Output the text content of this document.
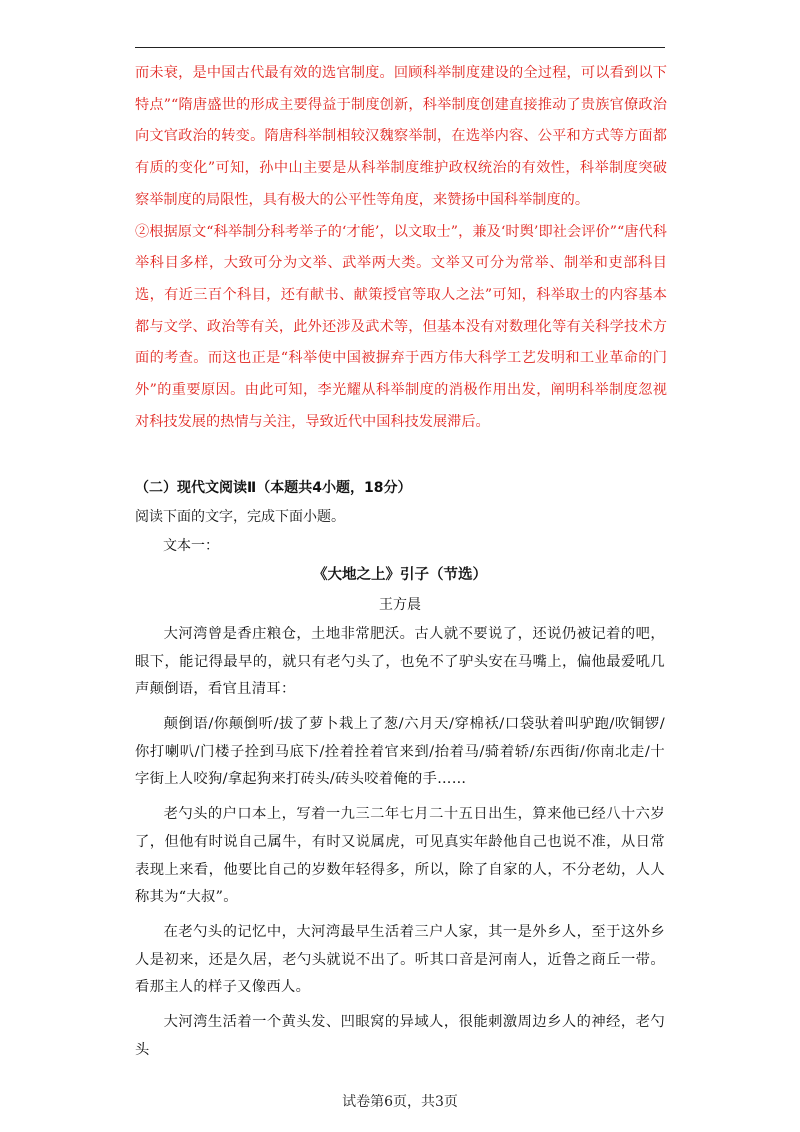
而未衰，是中国古代最有效的选官制度。回顾科举制度建设的全过程，可以看到以下特点”“隋唐盛世的形成主要得益于制度创新，科举制度创建直接推动了贵族官僚政治向文官政治的转变。隋唐科举制相较汉魏察举制，在选举内容、公平和方式等方面都有质的变化”可知，孙中山主要是从科举制度维护政权统治的有效性，科举制度突破察举制度的局限性，具有极大的公平性等角度，来赞扬中国科举制度的。

②根据原文“科举制分科考举子的‘才能’，以文取士”，兼及‘时舆’即社会评价”“唐代科举科目多样，大致可分为文举、武举两大类。文举又可分为常举、制举和吏部科目选，有近三百个科目，还有献书、献策授官等取人之法”可知，科举取士的内容基本都与文学、政治等有关，此外还涉及武术等，但基本没有对数理化等有关科学技术方面的考查。而这也正是“科举使中国被摒弃于西方伟大科学工艺发明和工业革命的门外”的重要原因。由此可知，李光耀从科举制度的消极作用出发，阐明科举制度忽视对科技发展的热情与关注，导致近代中国科技发展滞后。

（二）现代文阅读Ⅱ（本题共4小题，18分）
阅读下面的文字，完成下面小题。
文本一：
《大地之上》引子（节选）
王方晨

大河湾曾是香庄粮仓，土地非常肥沃。古人就不要说了，还说仍被记着的吧，眼下，能记得最早的，就只有老勺头了，也免不了驴头安在马嘴上，偏他最爱吼几声颠倒语，看官且清耳：

颠倒语/你颠倒听/拔了萝卜栽上了葱/六月天/穿棉袄/口袋驮着叫驴跑/吹铜锣/你打喇叭/门楼子拴到马底下/拴着拴着官来到/抬着马/骑着轿/东西街/你南北走/十字街上人咬狗/拿起狗来打砖头/砖头咬着俺的手……

老勺头的户口本上，写着一九三二年七月二十五日出生，算来他已经八十六岁了，但他有时说自己属牛，有时又说属虎，可见真实年龄他自己也说不准，从日常表现上来看，他要比自己的岁数年轻得多，所以，除了自家的人，不分老幼，人人称其为“大叔”。

在老勺头的记忆中，大河湾最早生活着三户人家，其一是外乡人，至于这外乡人是初来，还是久居，老勺头就说不出了。听其口音是河南人，近鲁之商丘一带。看那主人的样子又像西人。

大河湾生活着一个黄头发、凹眼窝的异域人，很能刺激周边乡人的神经，老勺头

试卷第6页，共3页
